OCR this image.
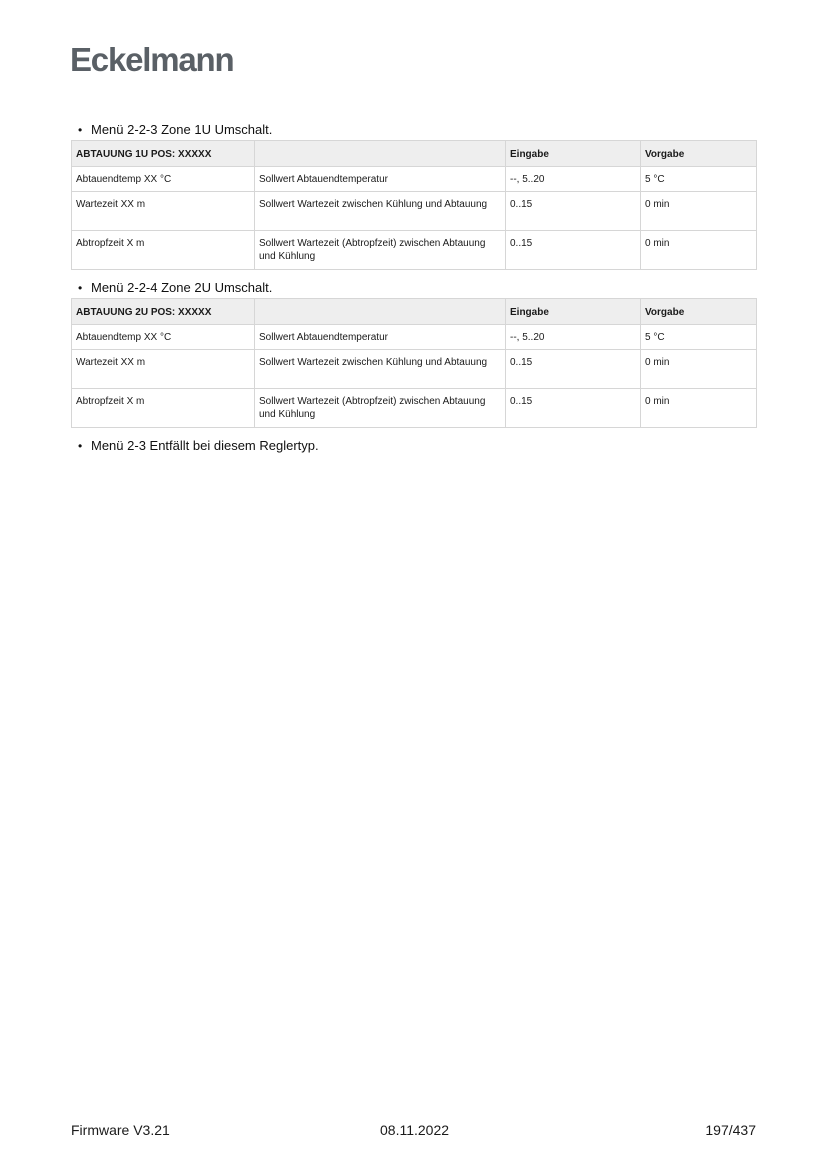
Eckelmann
• Menü 2-2-3 Zone 1U Umschalt.
ABTAUUNG 1U POS: XXXXX		Eingabe	Vorgabe
Abtauendtemp XX °C	Sollwert Abtauendtemperatur	--, 5..20	5 °C
Wartezeit XX m	Sollwert Wartezeit zwischen Kühlung und Abtauung	0..15	0 min
Abtropfzeit X m	Sollwert Wartezeit (Abtropfzeit) zwischen Abtauung und Kühlung	0..15	0 min
• Menü 2-2-4 Zone 2U Umschalt.
ABTAUUNG 2U POS: XXXXX		Eingabe	Vorgabe
Abtauendtemp XX °C	Sollwert Abtauendtemperatur	--, 5..20	5 °C
Wartezeit XX m	Sollwert Wartezeit zwischen Kühlung und Abtauung	0..15	0 min
Abtropfzeit X m	Sollwert Wartezeit (Abtropfzeit) zwischen Abtauung und Kühlung	0..15	0 min
• Menü 2-3 Entfällt bei diesem Reglertyp.
Firmware V3.21	08.11.2022	197/437
